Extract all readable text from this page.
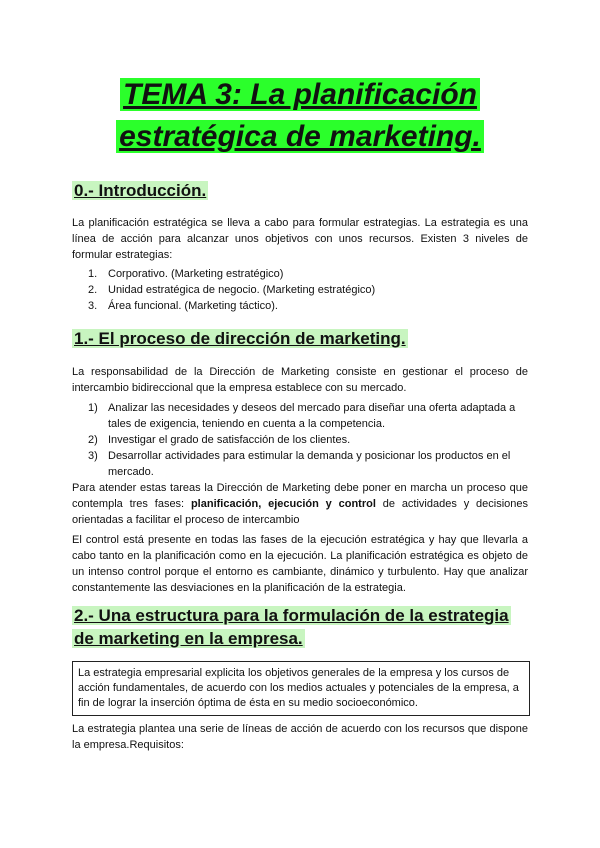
TEMA 3: La planificación
estratégica de marketing.
0.- Introducción.
La planificación estratégica se lleva a cabo para formular estrategias. La estrategia es una línea de acción para alcanzar unos objetivos con unos recursos. Existen 3 niveles de formular estrategias:
1. Corporativo. (Marketing estratégico)
2. Unidad estratégica de negocio. (Marketing estratégico)
3. Área funcional. (Marketing táctico).
1.- El proceso de dirección de marketing.
La responsabilidad de la Dirección de Marketing consiste en gestionar el proceso de intercambio bidireccional que la empresa establece con su mercado.
1) Analizar las necesidades y deseos del mercado para diseñar una oferta adaptada a tales de exigencia, teniendo en cuenta a la competencia.
2) Investigar el grado de satisfacción de los clientes.
3) Desarrollar actividades para estimular la demanda y posicionar los productos en el mercado.
Para atender estas tareas la Dirección de Marketing debe poner en marcha un proceso que contempla tres fases: planificación, ejecución y control de actividades y decisiones orientadas a facilitar el proceso de intercambio
El control está presente en todas las fases de la ejecución estratégica y hay que llevarla a cabo tanto en la planificación como en la ejecución. La planificación estratégica es objeto de un intenso control porque el entorno es cambiante, dinámico y turbulento. Hay que analizar constantemente las desviaciones en la planificación de la estrategia.
2.- Una estructura para la formulación de la estrategia
de marketing en la empresa.
La estrategia empresarial explicita los objetivos generales de la empresa y los cursos de acción fundamentales, de acuerdo con los medios actuales y potenciales de la empresa, a fin de lograr la inserción óptima de ésta en su medio socioeconómico.
La estrategia plantea una serie de líneas de acción de acuerdo con los recursos que dispone la empresa.Requisitos:
